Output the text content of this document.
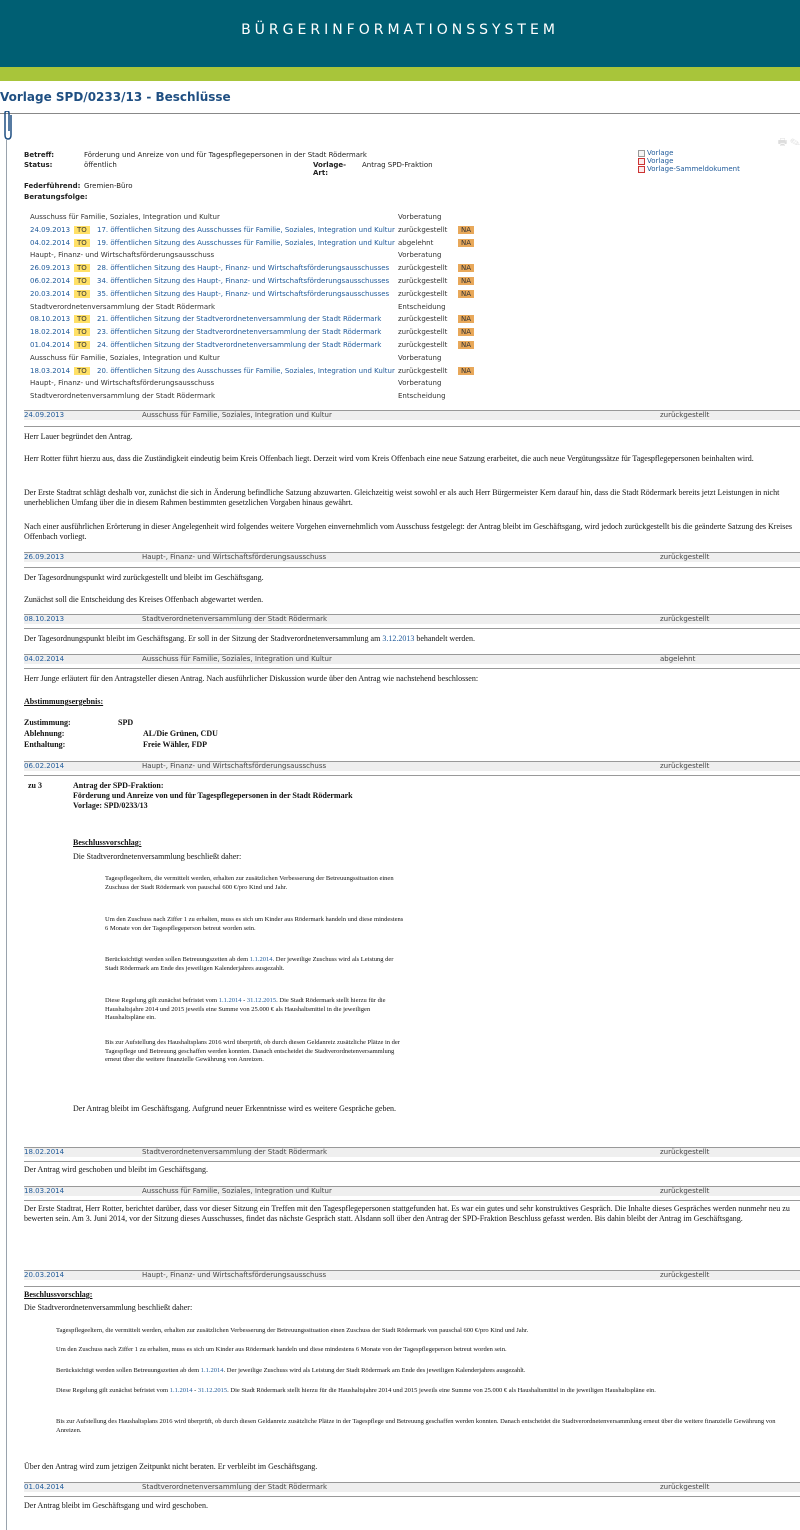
BÜRGERINFORMATIONSSYSTEM
🖶 ✎
Vorlage SPD/0233/13 - Beschlüsse
Betreff:	Förderung und Anreize von und für Tagespflegepersonen in der Stadt Rödermark
Status:	öffentlich	Vorlage-Art:
Antrag SPD-Fraktion
Federführend: Gremien-Büro
Beratungsfolge:
Vorlage
Vorlage
Vorlage-Sammeldokument
Ausschuss für Familie, Soziales, Integration und Kultur	Vorberatung
24.09.2013 TO	17. öffentlichen Sitzung des Ausschusses für Familie, Soziales, Integration und Kultur zurückgestellt	NA
04.02.2014 TO	19. öffentlichen Sitzung des Ausschusses für Familie, Soziales, Integration und Kultur abgelehnt	NA
Haupt-, Finanz- und Wirtschaftsförderungsausschuss	Vorberatung
26.09.2013 TO	28. öffentlichen Sitzung des Haupt-, Finanz- und Wirtschaftsförderungsausschusses zurückgestellt	NA
06.02.2014 TO	34. öffentlichen Sitzung des Haupt-, Finanz- und Wirtschaftsförderungsausschusses zurückgestellt	NA
20.03.2014 TO	35. öffentlichen Sitzung des Haupt-, Finanz- und Wirtschaftsförderungsausschusses zurückgestellt	NA
Stadtverordnetenversammlung der Stadt Rödermark	Entscheidung
08.10.2013 TO	21. öffentlichen Sitzung der Stadtverordnetenversammlung der Stadt Rödermark zurückgestellt	NA
18.02.2014 TO	23. öffentlichen Sitzung der Stadtverordnetenversammlung der Stadt Rödermark zurückgestellt	NA
01.04.2014 TO	24. öffentlichen Sitzung der Stadtverordnetenversammlung der Stadt Rödermark zurückgestellt	NA
Ausschuss für Familie, Soziales, Integration und Kultur	Vorberatung
18.03.2014 TO	20. öffentlichen Sitzung des Ausschusses für Familie, Soziales, Integration und Kultur zurückgestellt	NA
Haupt-, Finanz- und Wirtschaftsförderungsausschuss	Vorberatung
Stadtverordnetenversammlung der Stadt Rödermark	Entscheidung
24.09.2013	Ausschuss für Familie, Soziales, Integration und Kultur	zurückgestellt
Herr Lauer begründet den Antrag.
Herr Rotter führt hierzu aus, dass die Zuständigkeit eindeutig beim Kreis Offenbach liegt. Derzeit wird vom Kreis Offenbach eine neue Satzung erarbeitet, die auch neue Vergütungssätze für Tagespflegepersonen beinhalten wird.
Der Erste Stadtrat schlägt deshalb vor, zunächst die sich in Änderung befindliche Satzung abzuwarten. Gleichzeitig weist sowohl er als auch Herr Bürgermeister Kern darauf hin, dass die Stadt Rödermark bereits jetzt Leistungen in nicht unerheblichen Umfang über die in diesem Rahmen bestimmten gesetzlichen Vorgaben hinaus gewährt.
Nach einer ausführlichen Erörterung in dieser Angelegenheit wird folgendes weitere Vorgehen einvernehmlich vom Ausschuss festgelegt: der Antrag bleibt im Geschäftsgang, wird jedoch zurückgestellt bis die geänderte Satzung des Kreises Offenbach vorliegt.
26.09.2013	Haupt-, Finanz- und Wirtschaftsförderungsausschuss	zurückgestellt
Der Tagesordnungspunkt wird zurückgestellt und bleibt im Geschäftsgang.
Zunächst soll die Entscheidung des Kreises Offenbach abgewartet werden.
08.10.2013	Stadtverordnetenversammlung der Stadt Rödermark	zurückgestellt
Der Tagesordnungspunkt bleibt im Geschäftsgang. Er soll in der Sitzung der Stadtverordnetenversammlung am 3.12.2013 behandelt werden.
04.02.2014	Ausschuss für Familie, Soziales, Integration und Kultur	abgelehnt
Herr Junge erläutert für den Antragsteller diesen Antrag. Nach ausführlicher Diskussion wurde über den Antrag wie nachstehend beschlossen:
Abstimmungsergebnis:
Zustimmung:	SPD
Ablehnung:	AL/Die Grünen, CDU
Enthaltung:	Freie Wähler, FDP
06.02.2014	Haupt-, Finanz- und Wirtschaftsförderungsausschuss	zurückgestellt
zu 3	Antrag der SPD-Fraktion:
Förderung und Anreize von und für Tagespflegepersonen in der Stadt Rödermark
Vorlage: SPD/0233/13
Beschlussvorschlag:
Die Stadtverordnetenversammlung beschließt daher:
Tagespflegeeltern, die vermittelt werden, erhalten zur zusätzlichen Verbesserung der Betreuungssituation einen Zuschuss der Stadt Rödermark von pauschal 600 €/pro Kind und Jahr.
Um den Zuschuss nach Ziffer 1 zu erhalten, muss es sich um Kinder aus Rödermark handeln und diese mindestens 6 Monate von der Tagespflegeperson betreut worden sein.
Berücksichtigt werden sollen Betreuungszeiten ab dem 1.1.2014. Der jeweilige Zuschuss wird als Leistung der Stadt Rödermark am Ende des jeweiligen Kalenderjahres ausgezahlt.
Diese Regelung gilt zunächst befristet vom 1.1.2014 - 31.12.2015. Die Stadt Rödermark stellt hierzu für die Haushaltsjahre 2014 und 2015 jeweils eine Summe von 25.000 € als Haushaltsmittel in die jeweiligen Haushaltspläne ein.
Bis zur Aufstellung des Haushaltsplans 2016 wird überprüft, ob durch diesen Geldanreiz zusätzliche Plätze in der Tagespflege und Betreuung geschaffen werden konnten. Danach entscheidet die Stadtverordnetenversammlung erneut über die weitere finanzielle Gewährung von Anreizen.
Der Antrag bleibt im Geschäftsgang. Aufgrund neuer Erkenntnisse wird es weitere Gespräche geben.
18.02.2014	Stadtverordnetenversammlung der Stadt Rödermark	zurückgestellt
Der Antrag wird geschoben und bleibt im Geschäftsgang.
18.03.2014	Ausschuss für Familie, Soziales, Integration und Kultur	zurückgestellt
Der Erste Stadtrat, Herr Rotter, berichtet darüber, dass vor dieser Sitzung ein Treffen mit den Tagespflegepersonen stattgefunden hat. Es war ein gutes und sehr konstruktives Gespräch. Die Inhalte dieses Gespräches werden nunmehr neu zu bewerten sein. Am 3. Juni 2014, vor der Sitzung dieses Ausschusses, findet das nächste Gespräch statt. Alsdann soll über den Antrag der SPD-Fraktion Beschluss gefasst werden. Bis dahin bleibt der Antrag im Geschäftsgang.
20.03.2014	Haupt-, Finanz- und Wirtschaftsförderungsausschuss	zurückgestellt
Beschlussvorschlag:
Die Stadtverordnetenversammlung beschließt daher:
Tagespflegeeltern, die vermittelt werden, erhalten zur zusätzlichen Verbesserung der Betreuungssituation einen Zuschuss der Stadt Rödermark von pauschal 600 €/pro Kind und Jahr.
Um den Zuschuss nach Ziffer 1 zu erhalten, muss es sich um Kinder aus Rödermark handeln und diese mindestens 6 Monate von der Tagespflegeperson betreut worden sein.
Berücksichtigt werden sollen Betreuungszeiten ab dem 1.1.2014. Der jeweilige Zuschuss wird als Leistung der Stadt Rödermark am Ende des jeweiligen Kalenderjahres ausgezahlt.
Diese Regelung gilt zunächst befristet vom 1.1.2014 - 31.12.2015. Die Stadt Rödermark stellt hierzu für die Haushaltsjahre 2014 und 2015 jeweils eine Summe von 25.000 € als Haushaltsmittel in die jeweiligen Haushaltspläne ein.
Bis zur Aufstellung des Haushaltsplans 2016 wird überprüft, ob durch diesen Geldanreiz zusätzliche Plätze in der Tagespflege und Betreuung geschaffen werden konnten. Danach entscheidet die Stadtverordnetenversammlung erneut über die weitere finanzielle Gewährung von Anreizen.
Über den Antrag wird zum jetzigen Zeitpunkt nicht beraten. Er verbleibt im Geschäftsgang.
01.04.2014	Stadtverordnetenversammlung der Stadt Rödermark	zurückgestellt
Der Antrag bleibt im Geschäftsgang und wird geschoben.
